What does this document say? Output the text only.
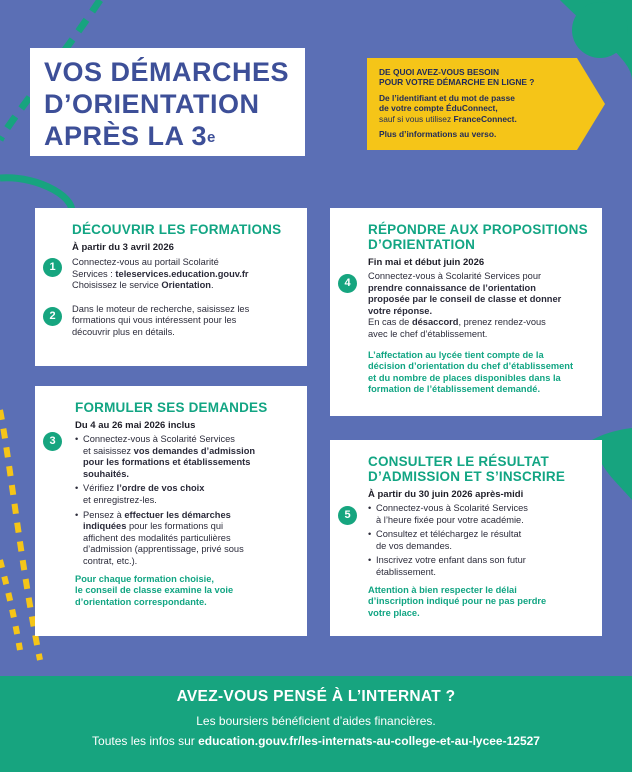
VOS DÉMARCHES
D’ORIENTATION
APRÈS LA 3e
DE QUOI AVEZ-VOUS BESOIN
POUR VOTRE DÉMARCHE EN LIGNE ?
De l’identifiant et du mot de passe
de votre compte ÉduConnect,
sauf si vous utilisez FranceConnect.
Plus d’informations au verso.
DÉCOUVRIR LES FORMATIONS
À partir du 3 avril 2026
1	Connectez-vous au portail Scolarité
Services : teleservices.education.gouv.fr
Choisissez le service Orientation.

2

Dans le moteur de recherche, saisissez les
formations qui vous intéressent pour les
découvrir plus en détails.

RÉPONDRE AUX PROPOSITIONS
D’ORIENTATION
Fin mai et début juin 2026
4

Connectez-vous à Scolarité Services pour
prendre connaissance de l’orientation
proposée par le conseil de classe et donner
votre réponse.
En cas de désaccord, prenez rendez-vous
avec le chef d’établissement.

L’affectation au lycée tient compte de la
décision d’orientation du chef d’établissement
et du nombre de places disponibles dans la
formation de l’établissement demandé.
FORMULER SES DEMANDES
Du 4 au 26 mai 2026 inclus
3
•	Connectez-vous à Scolarité Services
et saisissez vos demandes d’admission
pour les formations et établissements
souhaités.
• Vérifiez l’ordre de vos choix
et enregistrez-les.
• Pensez à effectuer les démarches
indiquées pour les formations qui
affichent des modalités particulières
d’admission (apprentissage, privé sous
contrat, etc.).
Pour chaque formation choisie,
le conseil de classe examine la voie
d’orientation correspondante.
CONSULTER LE RÉSULTAT
D’ADMISSION ET S’INSCRIRE
À partir du 30 juin 2026 après-midi
5
• Connectez-vous à Scolarité Services
à l’heure fixée pour votre académie.
• Consultez et téléchargez le résultat
de vos demandes.
• Inscrivez votre enfant dans son futur
établissement.
Attention à bien respecter le délai
d’inscription indiqué pour ne pas perdre
votre place.
AVEZ-VOUS PENSÉ À L’INTERNAT ?
Les boursiers bénéficient d’aides financières.
Toutes les infos sur education.gouv.fr/les-internats-au-college-et-au-lycee-12527
